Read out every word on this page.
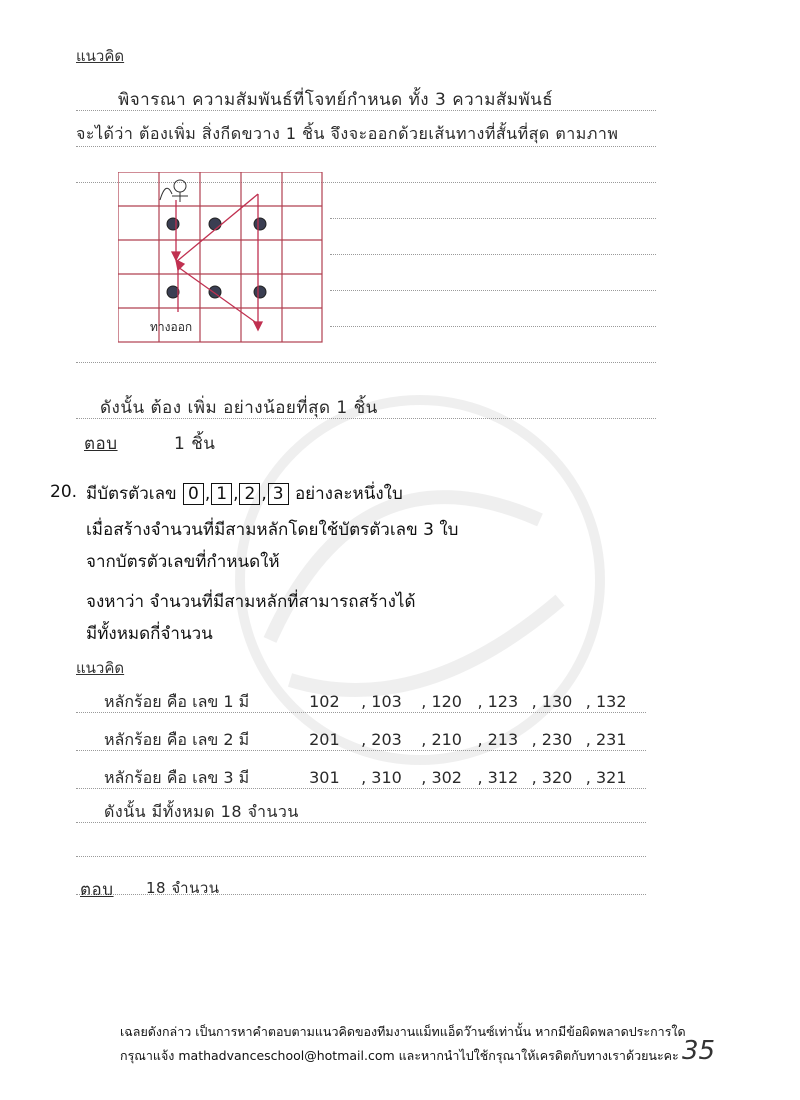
แนวคิด
พิจารณา ความสัมพันธ์ที่โจทย์กำหนด ทั้ง 3 ความสัมพันธ์
จะได้ว่า ต้องเพิ่ม สิ่งกีดขวาง 1 ชิ้น จึงจะออกด้วยเส้นทางที่สั้นที่สุด ตามภาพ
ทางออก
ดังนั้น ต้อง เพิ่ม อย่างน้อยที่สุด 1 ชิ้น
ตอบ	1 ชิ้น
20. มีบัตรตัวเลข 0 , 1 , 2 , 3 อย่างละหนึ่งใบ
เมื่อสร้างจำนวนที่มีสามหลักโดยใช้บัตรตัวเลข 3 ใบ
จากบัตรตัวเลขที่กำหนดให้
จงหาว่า จำนวนที่มีสามหลักที่สามารถสร้างได้
มีทั้งหมดกี่จำนวน
แนวคิด
หลักร้อย คือ เลข 1 มี	102 , 103 , 120 , 123 , 130 , 132
หลักร้อย คือ เลข 2 มี	201 , 203 , 210 , 213 , 230 , 231
หลักร้อย คือ เลข 3 มี	301 , 310 , 302 , 312 , 320 , 321
ดังนั้น มีทั้งหมด 18 จำนวน
ตอบ 18 จำนวน
เฉลยดังกล่าว เป็นการหาคำตอบตามแนวคิดของทีมงานแม็ทแอ็ดว๊านซ์เท่านั้น หากมีข้อผิดพลาดประการใด
กรุณาแจ้ง mathadvanceschool@hotmail.com และหากนำไปใช้กรุณาให้เครดิตกับทางเราด้วยนะคะ 35
